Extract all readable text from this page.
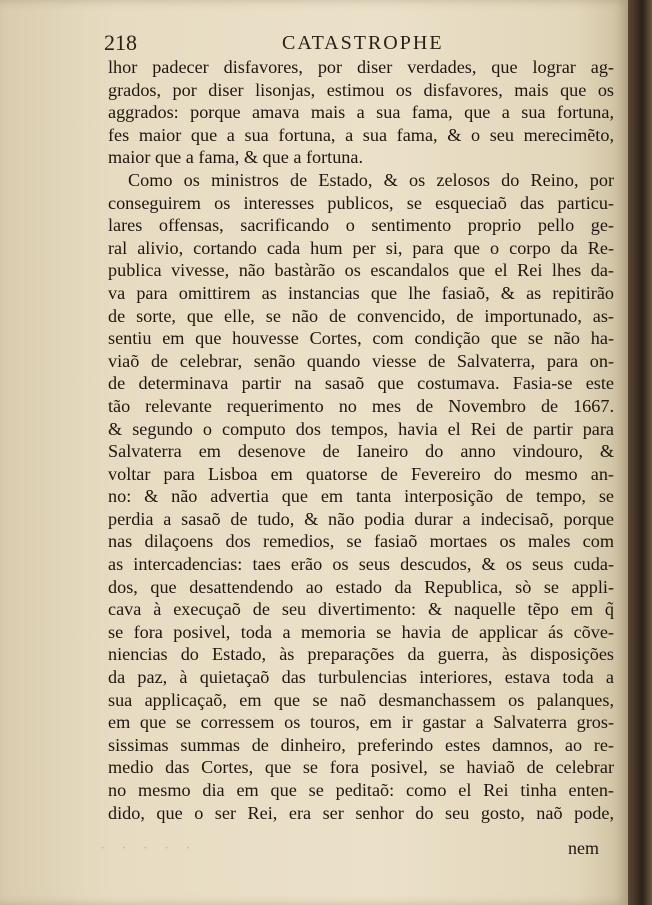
218	CATASTROPHE
lhor padecer disfavores, por diser verdades, que lograr ag-
grados, por diser lisonjas, estimou os disfavores, mais que os
aggrados: porque amava mais a sua fama, que a sua fortuna,
fes maior que a sua fortuna, a sua fama, & o seu merecimẽto,
maior que a fama, & que a fortuna.
Como os ministros de Estado, & os zelosos do Reino, por
conseguirem os interesses publicos, se esqueciaõ das particu-
lares offensas, sacrificando o sentimento proprio pello ge-
ral alivio, cortando cada hum per si, para que o corpo da Re-
publica vivesse, não bastàrão os escandalos que el Rei lhes da-
va para omittirem as instancias que lhe fasiaõ, & as repitirão
de sorte, que elle, se não de convencido, de importunado, as-
sentiu em que houvesse Cortes, com condição que se não ha-
viaõ de celebrar, senão quando viesse de Salvaterra, para on-
de determinava partir na sasaõ que costumava. Fasia-se este
tão relevante requerimento no mes de Novembro de 1667.
& segundo o computo dos tempos, havia el Rei de partir para
Salvaterra em desenove de Ianeiro do anno vindouro, &
voltar para Lisboa em quatorse de Fevereiro do mesmo an-
no: & não advertia que em tanta interposição de tempo, se
perdia a sasaõ de tudo, & não podia durar a indecisaõ, porque
nas dilaçoens dos remedios, se fasiaõ mortaes os males com
as intercadencias: taes erão os seus descudos, & os seus cuda-
dos, que desattendendo ao estado da Republica, sò se appli-
cava à execuçaõ de seu divertimento: & naquelle tẽpo em q̃
se fora posivel, toda a memoria se havia de applicar ás cõve-
niencias do Estado, às preparações da guerra, às disposições
da paz, à quietaçaõ das turbulencias interiores, estava toda a
sua applicaçaõ, em que se naõ desmanchassem os palanques,
em que se corressem os touros, em ir gastar a Salvaterra gros-
sissimas summas de dinheiro, preferindo estes damnos, ao re-
medio das Cortes, que se fora posivel, se haviaõ de celebrar
no mesmo dia em que se peditaõ: como el Rei tinha enten-
dido, que o ser Rei, era ser senhor do seu gosto, naõ pode,
· · · · ·	nem
